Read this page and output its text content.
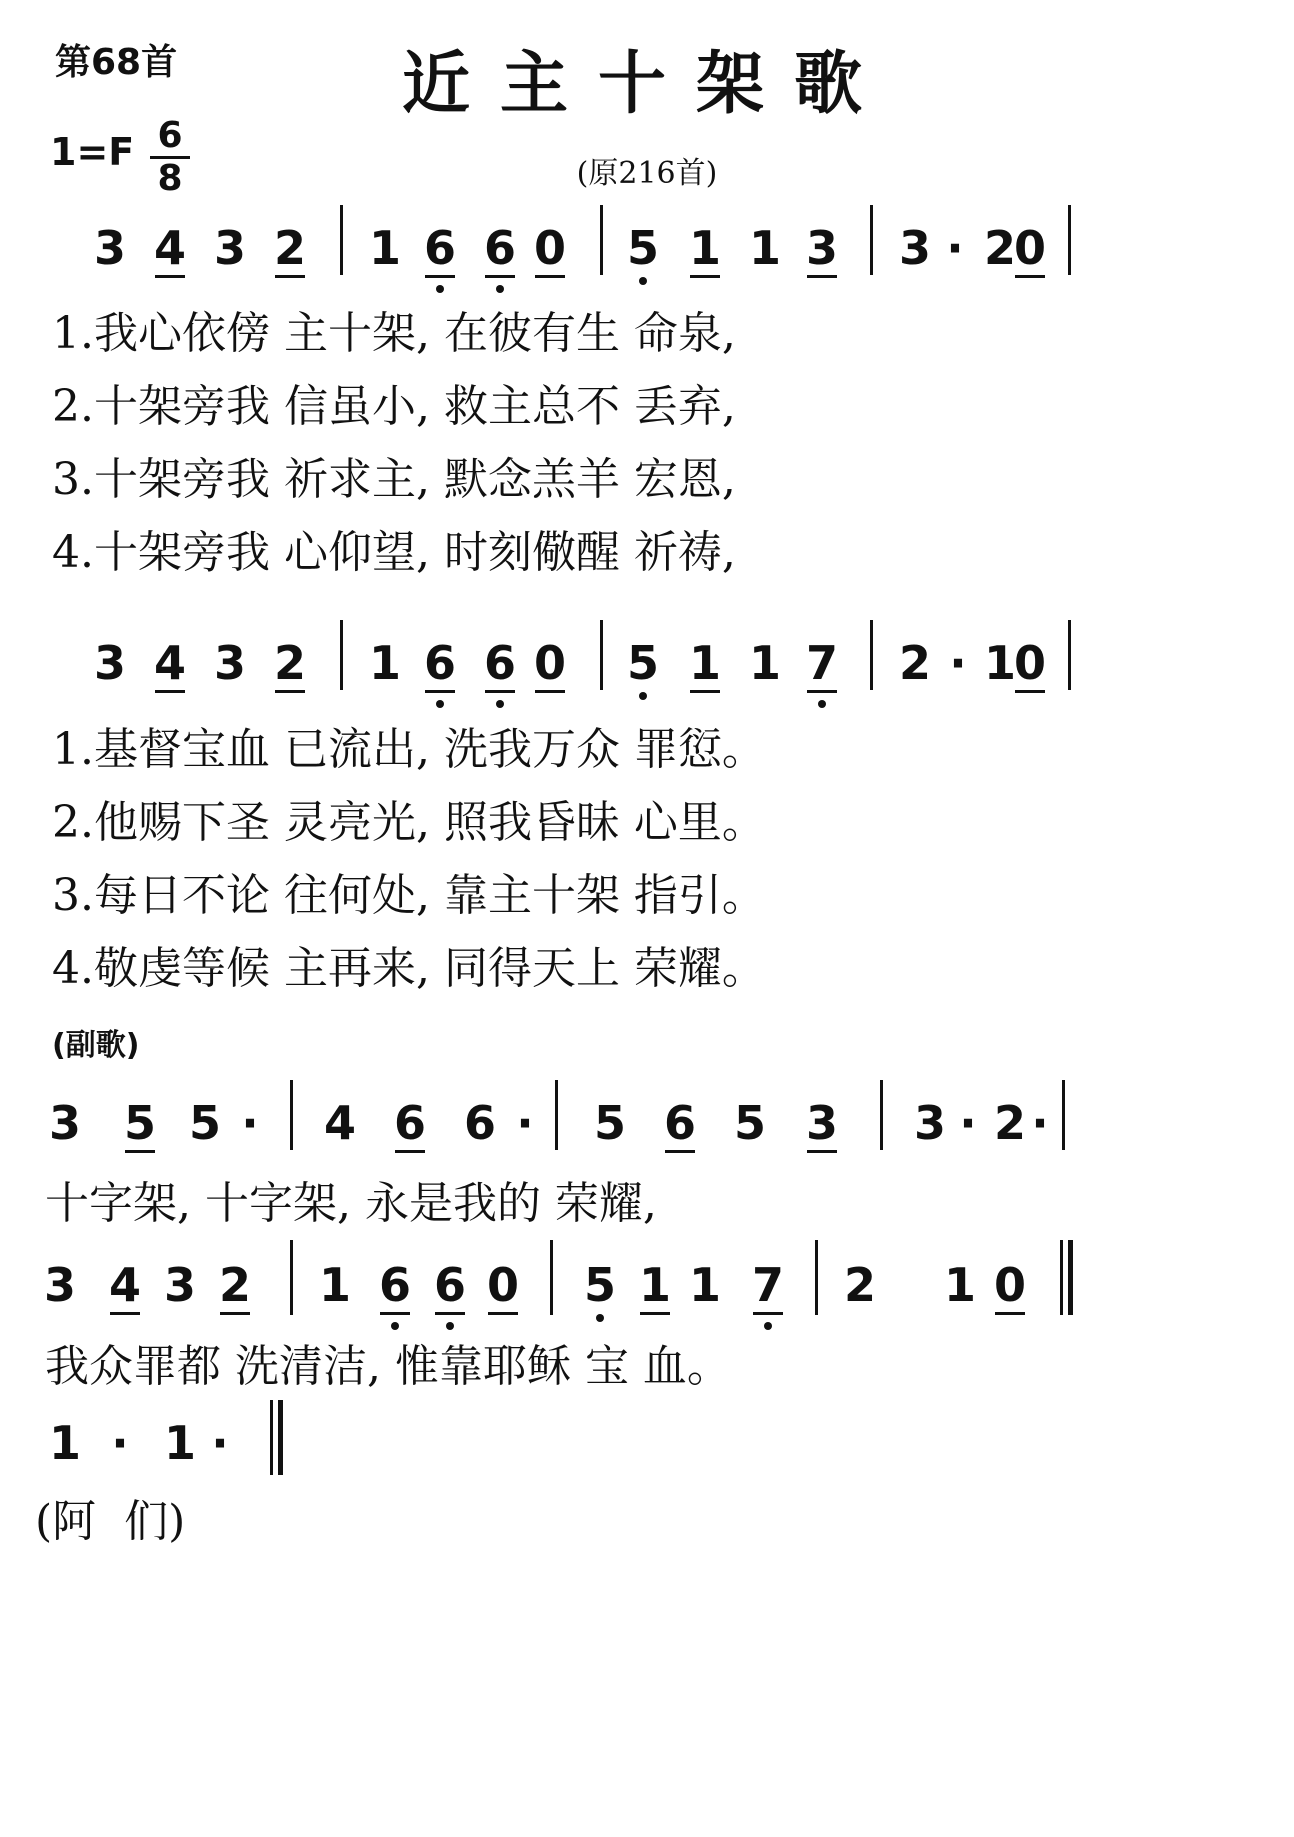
第68首	近主十架歌
(原216首)
1=F 6
8
3 4 3 2 1 6 6 0 5 1 1 3 3 · 2
0
3 4 3 2 1 6 6 0 5 1 1 7 2 · 1
0
3 5 5 · 4 6 6 · 5 6 5 3 3 · 2 ·
3 4 3 2 1 6 6 0 5 1 1 7 2 1 0
1 · 1 ·
1.我心依傍 主十架, 在彼有生 命泉,
2.十架旁我 信虽小, 救主总不 丢弃,
3.十架旁我 祈求主, 默念羔羊 宏恩,
4.十架旁我 心仰望, 时刻儆醒 祈祷,
1.基督宝血 已流出, 洗我万众 罪愆。
2.他赐下圣 灵亮光, 照我昏昧 心里。
3.每日不论 往何处, 靠主十架 指引。
4.敬虔等候 主再来, 同得天上 荣耀。
(副歌)
十字架, 十字架, 永是我的 荣耀,
我众罪都 洗清洁, 惟靠耶稣 宝 血。
(阿  们)
